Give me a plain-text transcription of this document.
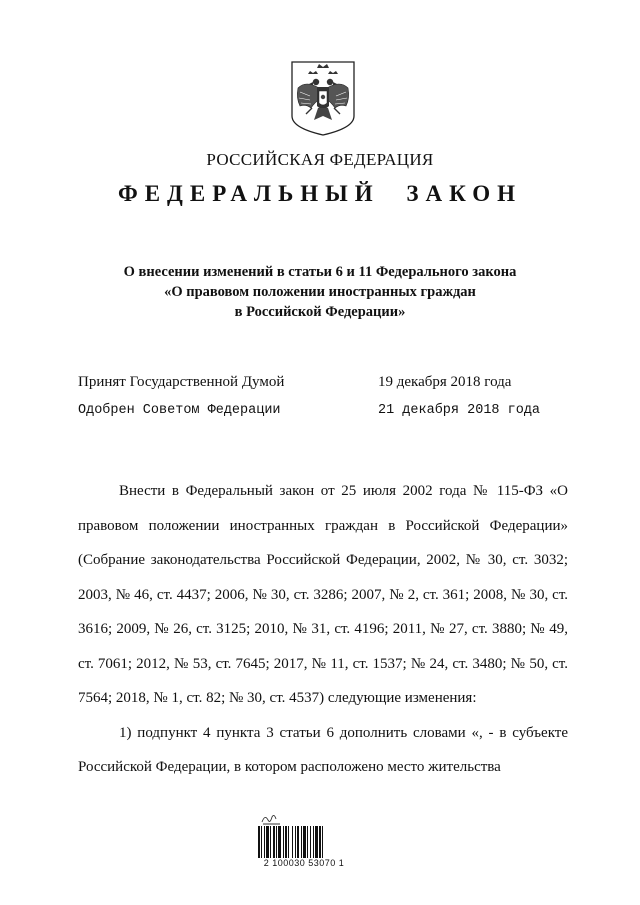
РОССИЙСКАЯ ФЕДЕРАЦИЯ
ФЕДЕРАЛЬНЫЙ ЗАКОН
О внесении изменений в статьи 6 и 11 Федерального закона
«О правовом положении иностранных граждан
в Российской Федерации»
Принят Государственной Думой	19 декабря 2018 года
Одобрен Советом Федерации	21 декабря 2018 года

Внести в Федеральный закон от 25 июля 2002 года № 115-ФЗ «О правовом положении иностранных граждан в Российской Федерации» (Собрание законодательства Российской Федерации, 2002, № 30, ст. 3032; 2003, № 46, ст. 4437; 2006, № 30, ст. 3286; 2007, № 2, ст. 361; 2008, № 30, ст. 3616; 2009, № 26, ст. 3125; 2010, № 31, ст. 4196; 2011, № 27, ст. 3880; № 49, ст. 7061; 2012, № 53, ст. 7645; 2017, № 11, ст. 1537; № 24, ст. 3480; № 50, ст. 7564; 2018, № 1, ст. 82; № 30, ст. 4537) следующие изменения:

1) подпункт 4 пункта 3 статьи 6 дополнить словами «, - в субъекте Российской Федерации, в котором расположено место жительства

2 100030 53070 1
